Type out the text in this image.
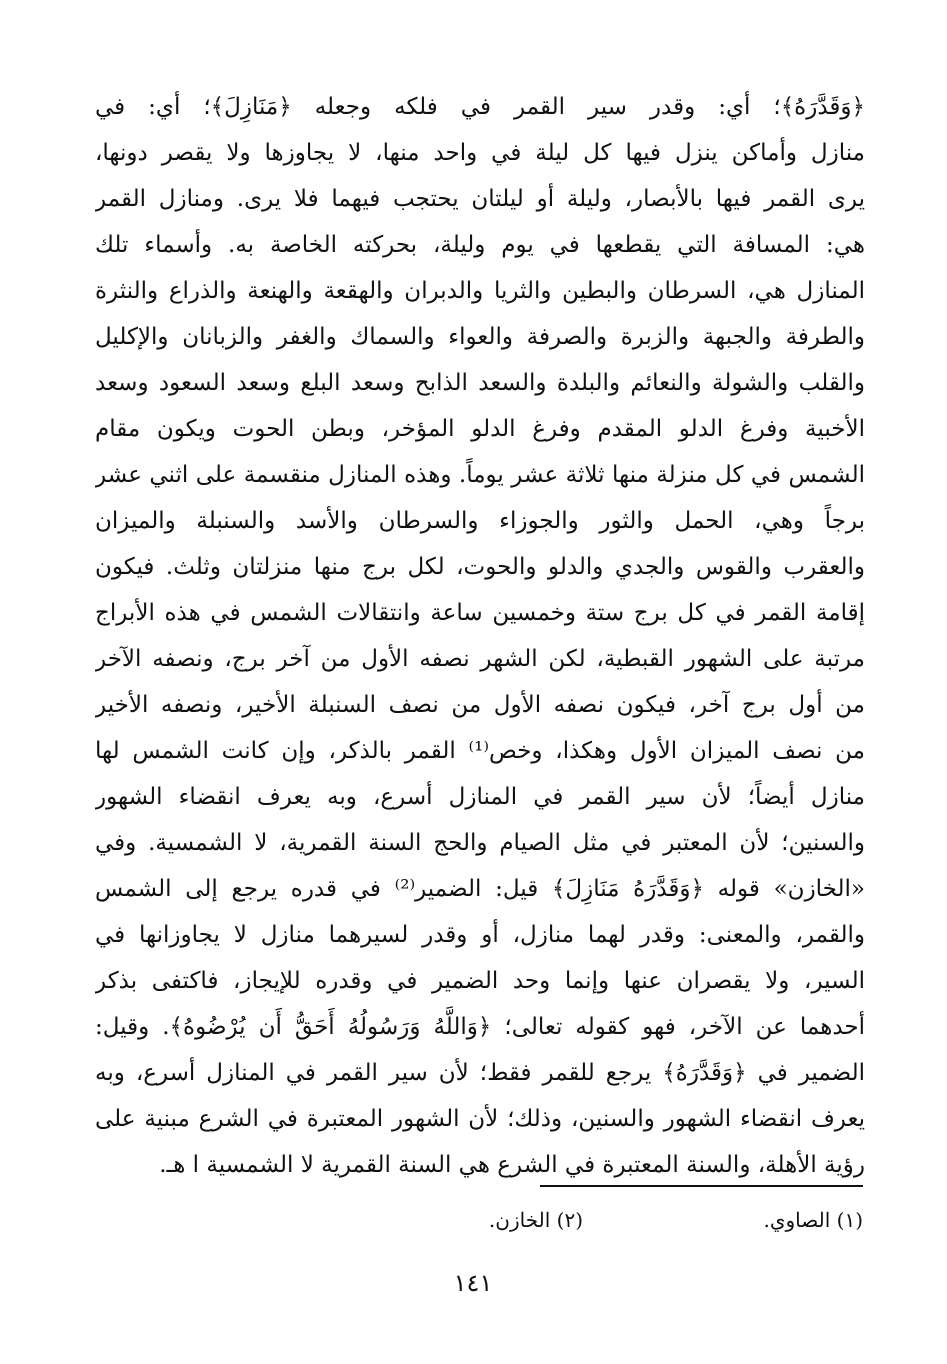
﴿وَقَدَّرَهُ﴾؛ أي: وقدر سير القمر في فلكه وجعله ﴿مَنَازِلَ﴾؛ أي: في
منازل وأماكن ينزل فيها كل ليلة في واحد منها، لا يجاوزها ولا يقصر دونها،
يرى القمر فيها بالأبصار، وليلة أو ليلتان يحتجب فيهما فلا يرى. ومنازل القمر
هي: المسافة التي يقطعها في يوم وليلة، بحركته الخاصة به. وأسماء تلك
المنازل هي، السرطان والبطين والثريا والدبران والهقعة والهنعة والذراع والنثرة
والطرفة والجبهة والزبرة والصرفة والعواء والسماك والغفر والزبانان والإكليل
والقلب والشولة والنعائم والبلدة والسعد الذابح وسعد البلع وسعد السعود وسعد
الأخبية وفرغ الدلو المقدم وفرغ الدلو المؤخر، وبطن الحوت ويكون مقام
الشمس في كل منزلة منها ثلاثة عشر يوماً. وهذه المنازل منقسمة على اثني عشر
برجاً وهي، الحمل والثور والجوزاء والسرطان والأسد والسنبلة والميزان
والعقرب والقوس والجدي والدلو والحوت، لكل برج منها منزلتان وثلث. فيكون
إقامة القمر في كل برج ستة وخمسين ساعة وانتقالات الشمس في هذه الأبراج
مرتبة على الشهور القبطية، لكن الشهر نصفه الأول من آخر برج، ونصفه الآخر
من أول برج آخر، فيكون نصفه الأول من نصف السنبلة الأخير، ونصفه الأخير
من نصف الميزان الأول وهكذا، وخص⁽¹⁾ القمر بالذكر، وإن كانت الشمس لها
منازل أيضاً؛ لأن سير القمر في المنازل أسرع، وبه يعرف انقضاء الشهور
والسنين؛ لأن المعتبر في مثل الصيام والحج السنة القمرية، لا الشمسية. وفي
«الخازن» قوله ﴿وَقَدَّرَهُ مَنَازِلَ﴾ قيل: الضمير⁽²⁾ في قدره يرجع إلى الشمس
والقمر، والمعنى: وقدر لهما منازل، أو وقدر لسيرهما منازل لا يجاوزانها في
السير، ولا يقصران عنها وإنما وحد الضمير في وقدره للإيجاز، فاكتفى بذكر
أحدهما عن الآخر، فهو كقوله تعالى؛ ﴿وَاللَّهُ وَرَسُولُهُ أَحَقُّ أَن يُرْضُوهُ﴾. وقيل:
الضمير في ﴿وَقَدَّرَهُ﴾ يرجع للقمر فقط؛ لأن سير القمر في المنازل أسرع، وبه
يعرف انقضاء الشهور والسنين، وذلك؛ لأن الشهور المعتبرة في الشرع مبنية على
رؤية الأهلة، والسنة المعتبرة في الشرع هي السنة القمرية لا الشمسية ا هـ.
(١) الصاوي.
(٢) الخازن.
١٤١
